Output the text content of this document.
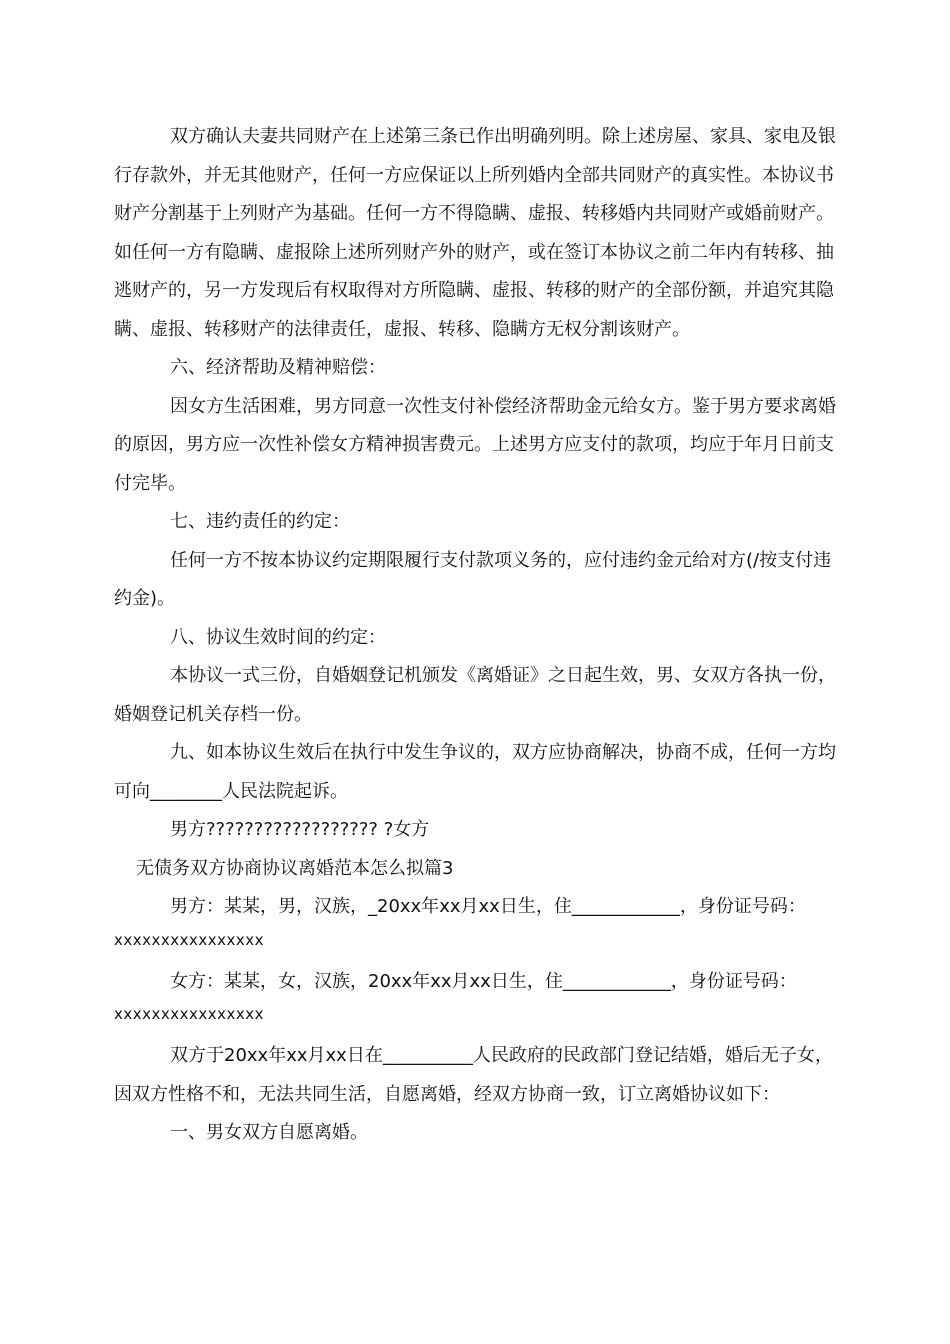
双方确认夫妻共同财产在上述第三条已作出明确列明。除上述房屋、家具、家电及银行存款外，并无其他财产，任何一方应保证以上所列婚内全部共同财产的真实性。本协议书财产分割基于上列财产为基础。任何一方不得隐瞒、虚报、转移婚内共同财产或婚前财产。如任何一方有隐瞒、虚报除上述所列财产外的财产，或在签订本协议之前二年内有转移、抽逃财产的，另一方发现后有权取得对方所隐瞒、虚报、转移的财产的全部份额，并追究其隐瞒、虚报、转移财产的法律责任，虚报、转移、隐瞒方无权分割该财产。

六、经济帮助及精神赔偿：

因女方生活困难，男方同意一次性支付补偿经济帮助金元给女方。鉴于男方要求离婚的原因，男方应一次性补偿女方精神损害费元。上述男方应支付的款项，均应于年月日前支付完毕。

七、违约责任的约定：

任何一方不按本协议约定期限履行支付款项义务的，应付违约金元给对方(/按支付违约金)。

八、协议生效时间的约定：

本协议一式三份，自婚姻登记机颁发《离婚证》之日起生效，男、女双方各执一份，婚姻登记机关存档一份。

九、如本协议生效后在执行中发生争议的，双方应协商解决，协商不成，任何一方均可向________人民法院起诉。

男方?????????????????? ?女方

无债务双方协商协议离婚范本怎么拟篇3

男方：某某，男，汉族，_20xx年xx月xx日生，住____________，身份证号码：

xxxxxxxxxxxxxxxx

女方：某某，女，汉族，20xx年xx月xx日生，住____________，身份证号码：

xxxxxxxxxxxxxxxx

双方于20xx年xx月xx日在__________人民政府的民政部门登记结婚，婚后无子女，因双方性格不和，无法共同生活，自愿离婚，经双方协商一致，订立离婚协议如下：

一、男女双方自愿离婚。
